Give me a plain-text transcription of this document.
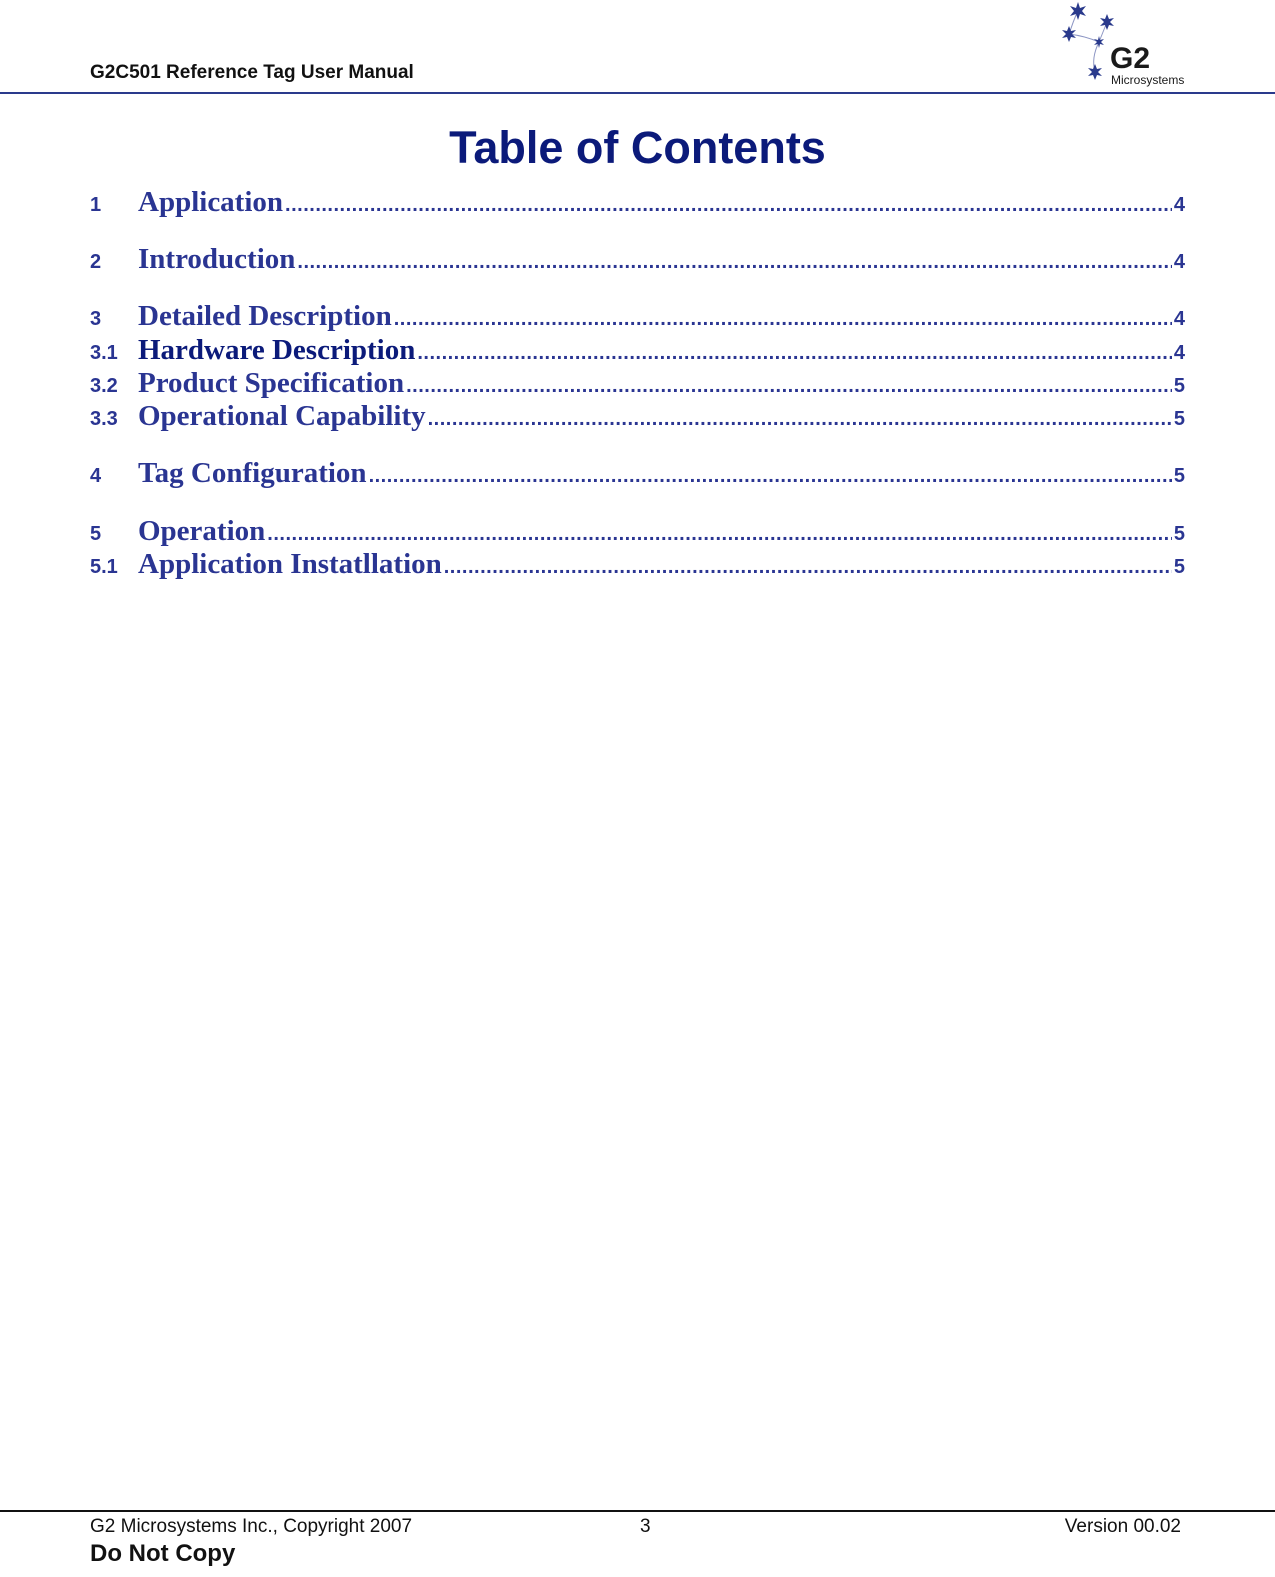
G2C501 Reference Tag User Manual	G2
Microsystems
Table of Contents
1	Application .....	4
2	Introduction .....	4
3	Detailed Description .....	4
3.1 Hardware Description .....	4
3.2 Product Specification .....	5
3.3 Operational Capability .....	5
4	Tag Configuration .....	5
5	Operation .....	5
5.1 Application Instatllation .....	5
G2 Microsystems Inc., Copyright 2007	3	Version 00.02
Do Not Copy
